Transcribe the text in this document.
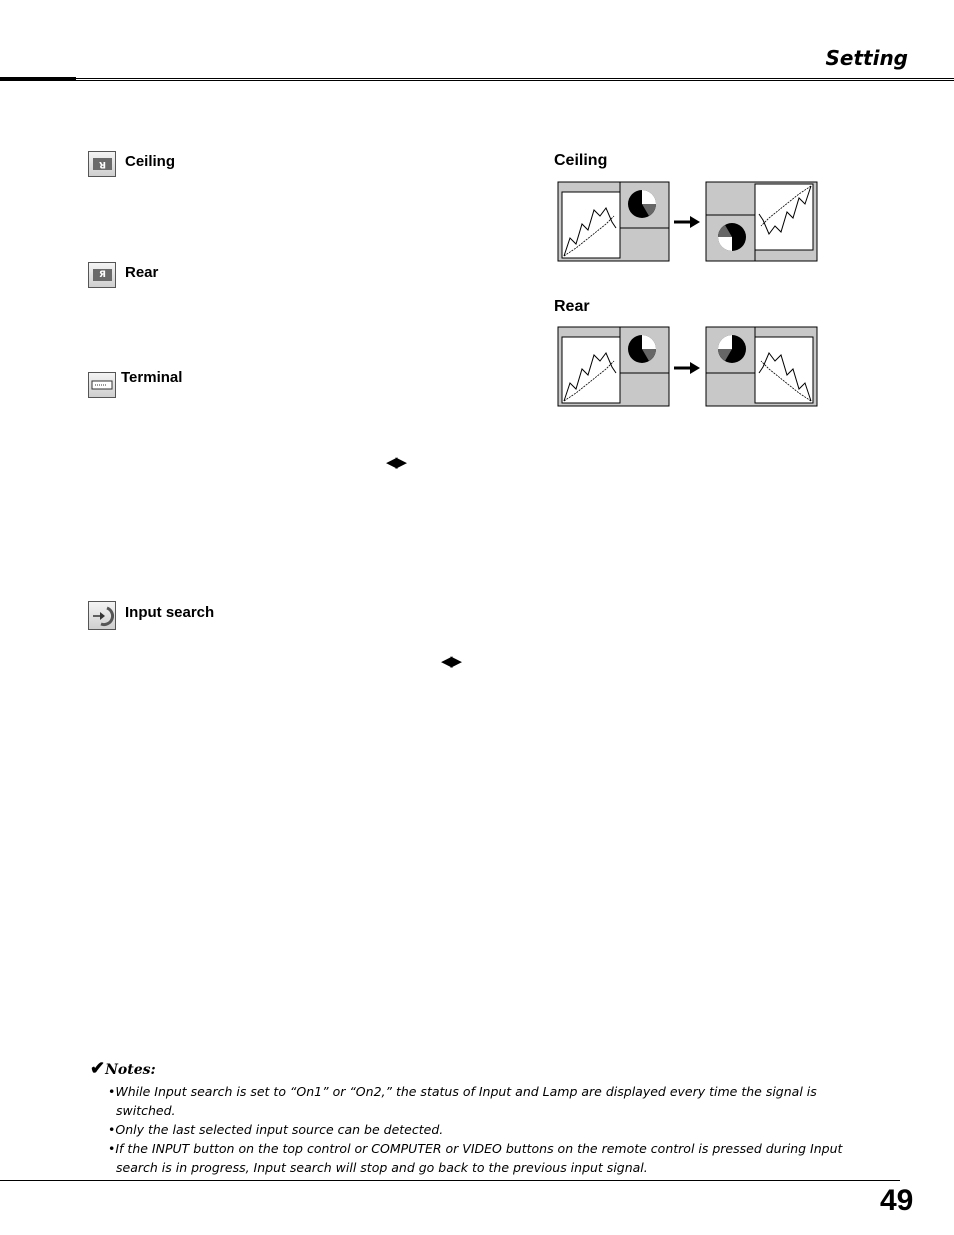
Setting
R	Ceiling
Я	Rear
Terminal
◀▶
Input search
◀▶
Ceiling
Rear
✔Notes:
•While Input search is set to “On1” or “On2,” the status of Input and Lamp are displayed every time the signal is switched.
•Only the last selected input source can be detected.
•If the INPUT button on the top control or COMPUTER or VIDEO buttons on the remote control is pressed during Input search is in progress, Input search will stop and go back to the previous input signal.
49
